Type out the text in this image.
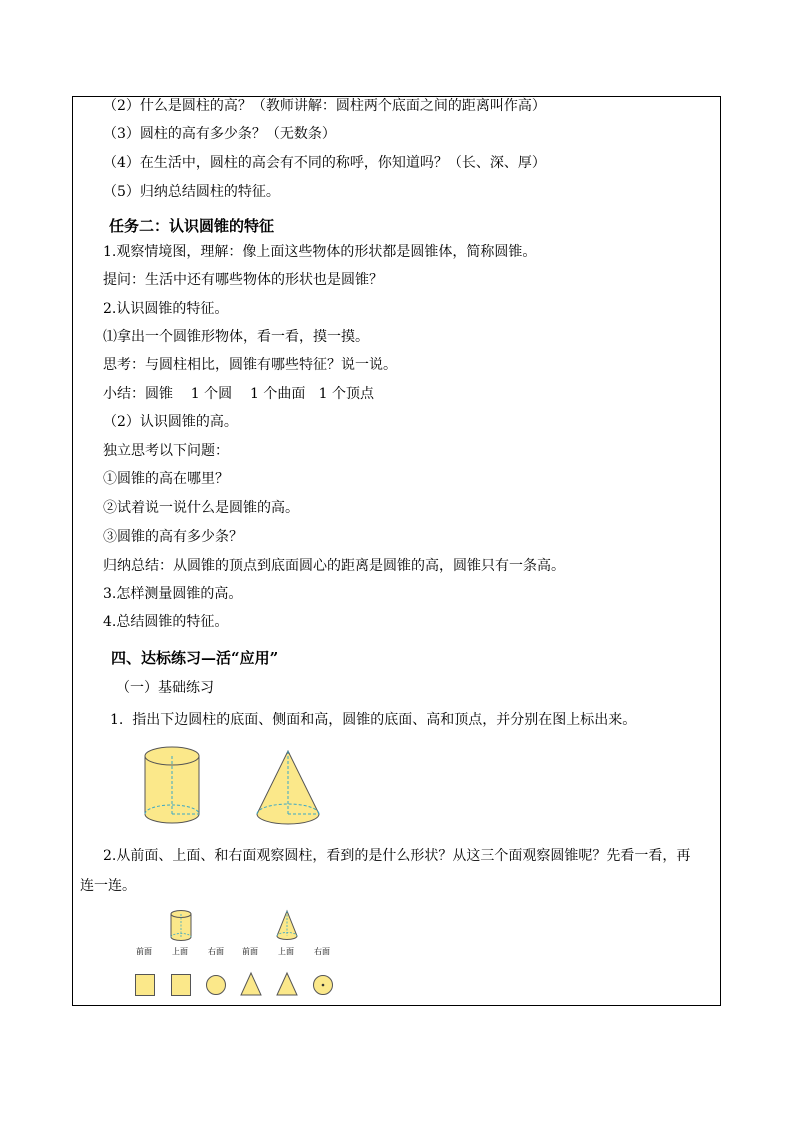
（2）什么是圆柱的高？（教师讲解：圆柱两个底面之间的距离叫作高）
（3）圆柱的高有多少条？（无数条）
（4）在生活中，圆柱的高会有不同的称呼，你知道吗？（长、深、厚）
（5）归纳总结圆柱的特征。
任务二：认识圆锥的特征
1.观察情境图，理解：像上面这些物体的形状都是圆锥体，简称圆锥。
提问：生活中还有哪些物体的形状也是圆锥？
2.认识圆锥的特征。
⑴拿出一个圆锥形物体，看一看，摸一摸。
思考：与圆柱相比，圆锥有哪些特征？说一说。
小结：圆锥    1 个圆    1 个曲面   1 个顶点
（2）认识圆锥的高。
独立思考以下问题：
①圆锥的高在哪里？
②试着说一说什么是圆锥的高。
③圆锥的高有多少条？
归纳总结：从圆锥的顶点到底面圆心的距离是圆锥的高，圆锥只有一条高。
3.怎样测量圆锥的高。
4.总结圆锥的特征。
四、达标练习—活“应用”
（一）基础练习
1.  指出下边圆柱的底面、侧面和高，圆锥的底面、高和顶点，并分别在图上标出来。
2.从前面、上面、和右面观察圆柱，看到的是什么形状？从这三个面观察圆锥呢？先看一看，再
连一连。
前面	上面	右面 前面	上面	右面
